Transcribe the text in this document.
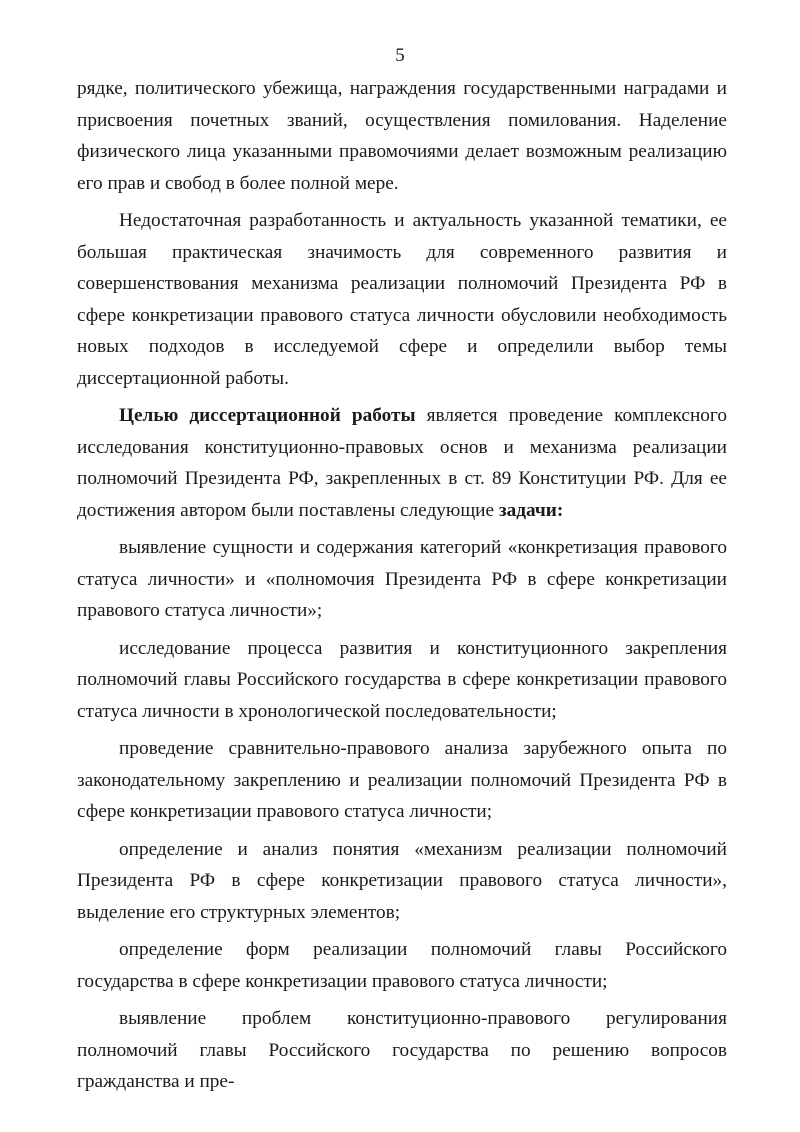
5

рядке, политического убежища, награждения государственными наградами и присвоения почетных званий, осуществления помилования. Наделение физического лица указанными правомочиями делает возможным реализацию его прав и свобод в более полной мере.

Недостаточная разработанность и актуальность указанной тематики, ее большая практическая значимость для современного развития и совершенствования механизма реализации полномочий Президента РФ в сфере конкретизации правового статуса личности обусловили необходимость новых подходов в исследуемой сфере и определили выбор темы диссертационной работы.

Целью диссертационной работы является проведение комплексного исследования конституционно-правовых основ и механизма реализации полномочий Президента РФ, закрепленных в ст. 89 Конституции РФ. Для ее достижения автором были поставлены следующие задачи:

выявление сущности и содержания категорий «конкретизация правового статуса личности» и «полномочия Президента РФ в сфере конкретизации правового статуса личности»;

исследование процесса развития и конституционного закрепления полномочий главы Российского государства в сфере конкретизации правового статуса личности в хронологической последовательности;

проведение сравнительно-правового анализа зарубежного опыта по законодательному закреплению и реализации полномочий Президента РФ в сфере конкретизации правового статуса личности;

определение и анализ понятия «механизм реализации полномочий Президента РФ в сфере конкретизации правового статуса личности», выделение его структурных элементов;

определение форм реализации полномочий главы Российского государства в сфере конкретизации правового статуса личности;

выявление проблем конституционно-правового регулирования полномочий главы Российского государства по решению вопросов гражданства и пре-
